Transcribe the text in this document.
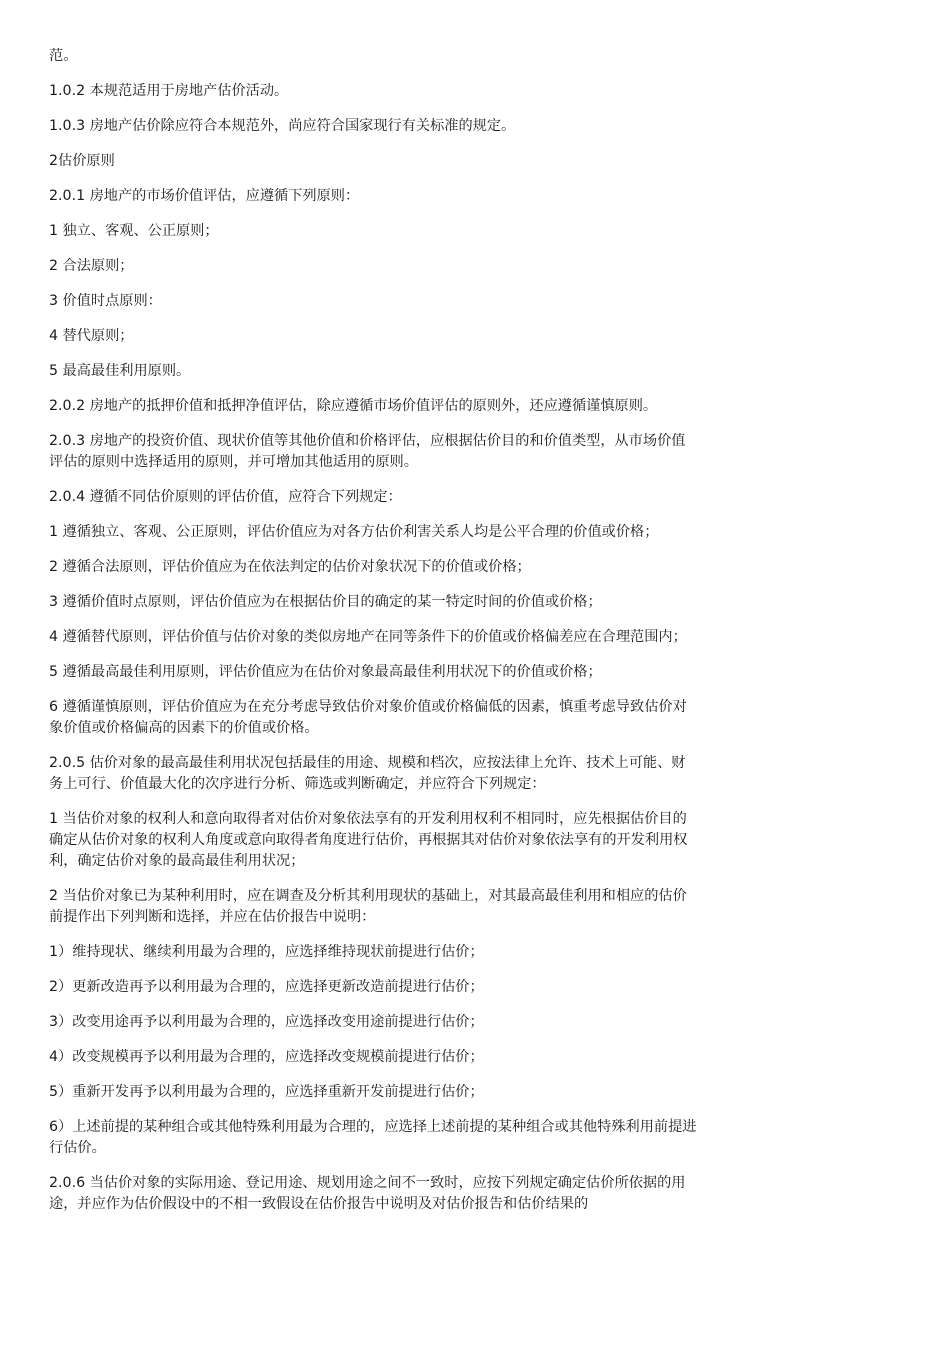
范。

1.0.2 本规范适用于房地产估价活动。

1.0.3 房地产估价除应符合本规范外，尚应符合国家现行有关标准的规定。

2估价原则

2.0.1 房地产的市场价值评估，应遵循下列原则：

1 独立、客观、公正原则；

2 合法原则；

3 价值时点原则：

4 替代原则；

5 最高最佳利用原则。

2.0.2 房地产的抵押价值和抵押净值评估，除应遵循市场价值评估的原则外，还应遵循谨慎原则。

2.0.3 房地产的投资价值、现状价值等其他价值和价格评估，应根据估价目的和价值类型，从市场价值评估的原则中选择适用的原则，并可增加其他适用的原则。

2.0.4 遵循不同估价原则的评估价值，应符合下列规定：

1 遵循独立、客观、公正原则，评估价值应为对各方估价利害关系人均是公平合理的价值或价格；

2 遵循合法原则，评估价值应为在依法判定的估价对象状况下的价值或价格；

3 遵循价值时点原则，评估价值应为在根据估价目的确定的某一特定时间的价值或价格；

4 遵循替代原则，评估价值与估价对象的类似房地产在同等条件下的价值或价格偏差应在合理范围内；

5 遵循最高最佳利用原则，评估价值应为在估价对象最高最佳利用状况下的价值或价格；

6 遵循谨慎原则，评估价值应为在充分考虑导致估价对象价值或价格偏低的因素，慎重考虑导致估价对象价值或价格偏高的因素下的价值或价格。

2.0.5 估价对象的最高最佳利用状况包括最佳的用途、规模和档次，应按法律上允许、技术上可能、财务上可行、价值最大化的次序进行分析、筛选或判断确定，并应符合下列规定：

1 当估价对象的权利人和意向取得者对估价对象依法享有的开发利用权利不相同时，应先根据估价目的确定从估价对象的权利人角度或意向取得者角度进行估价，再根据其对估价对象依法享有的开发利用权利，确定估价对象的最高最佳利用状况；

2 当估价对象已为某种利用时，应在调查及分析其利用现状的基础上，对其最高最佳利用和相应的估价前提作出下列判断和选择，并应在估价报告中说明：

1）维持现状、继续利用最为合理的，应选择维持现状前提进行估价；

2）更新改造再予以利用最为合理的，应选择更新改造前提进行估价；

3）改变用途再予以利用最为合理的，应选择改变用途前提进行估价；

4）改变规模再予以利用最为合理的，应选择改变规模前提进行估价；

5）重新开发再予以利用最为合理的，应选择重新开发前提进行估价；

6）上述前提的某种组合或其他特殊利用最为合理的，应选择上述前提的某种组合或其他特殊利用前提进行估价。

2.0.6 当估价对象的实际用途、登记用途、规划用途之间不一致时，应按下列规定确定估价所依据的用途，并应作为估价假设中的不相一致假设在估价报告中说明及对估价报告和估价结果的
